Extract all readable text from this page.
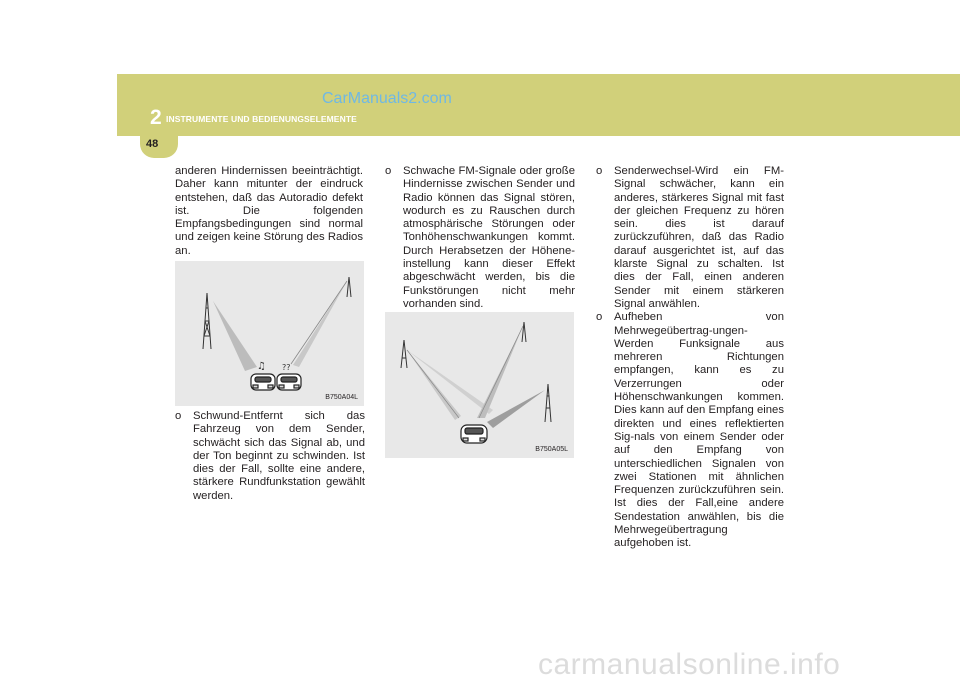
2 INSTRUMENTE UND BEDIENUNGSELEMENTE
48
CarManuals2.com

anderen Hindernissen beeinträchtigt. Daher kann mitunter der eindruck entstehen, daß das Autoradio defekt ist. Die folgenden Empfangsbedingungen sind normal und zeigen keine Störung des Radios an.

♫ ??
B750A04L

o Schwund-Entfernt sich das Fahrzeug von dem Sender, schwächt sich das Signal ab, und der Ton beginnt zu schwinden. Ist dies der Fall, sollte eine andere, stärkere Rundfunkstation gewählt werden.

o Schwache FM-Signale oder große Hindernisse zwischen Sender und Radio können das Signal stören, wodurch es zu Rauschen durch atmosphärische Störungen oder Tonhöhenschwankungen kommt. Durch Herabsetzen der Höhene-instellung kann dieser Effekt abgeschwächt werden, bis die Funkstörungen nicht mehr vorhanden sind.

B750A05L

o Senderwechsel-Wird ein FM-Signal schwächer, kann ein anderes, stärkeres Signal mit fast der gleichen Frequenz zu hören sein. dies ist darauf zurückzuführen, daß das Radio darauf ausgerichtet ist, auf das klarste Signal zu schalten. Ist dies der Fall, einen anderen Sender mit einem stärkeren Signal anwählen.

o Aufheben von Mehrwegeübertrag-ungen-Werden Funksignale aus mehreren Richtungen empfangen, kann es zu Verzerrungen oder Höhenschwankungen kommen. Dies kann auf den Empfang eines direkten und eines reflektierten Sig-nals von einem Sender oder auf den Empfang von unterschiedlichen Signalen von zwei Stationen mit ähnlichen Frequenzen zurückzuführen sein. Ist dies der Fall,eine andere Sendestation anwählen, bis die Mehrwegeübertragung aufgehoben ist.

carmanualsonline.info
